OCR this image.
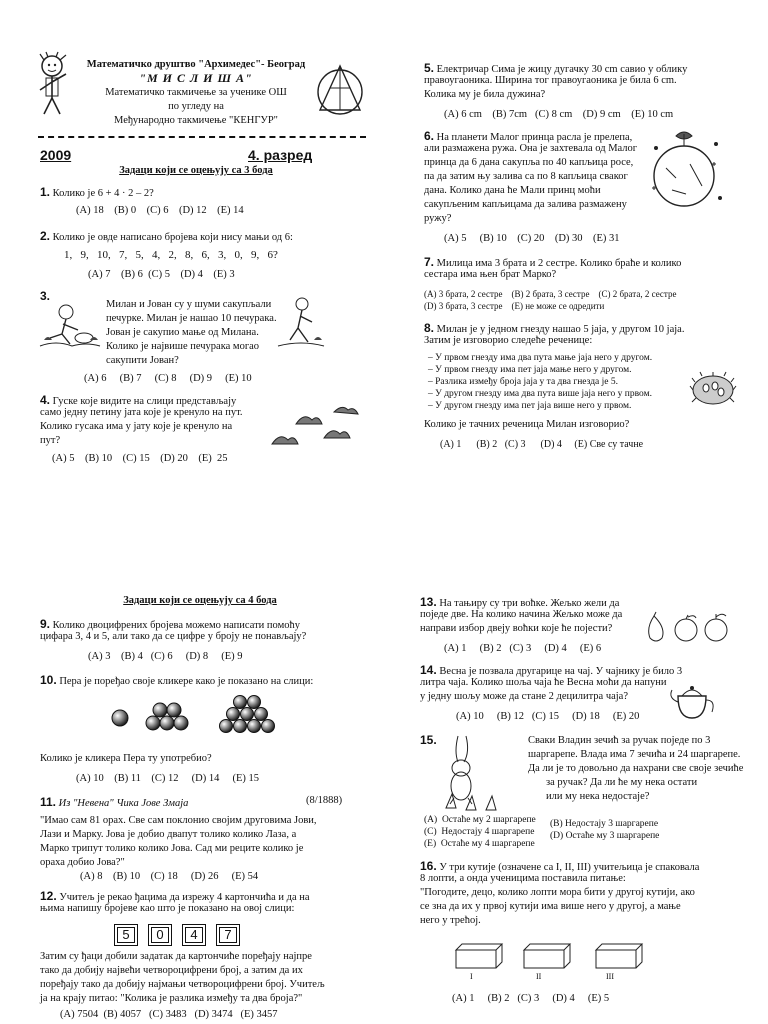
Математичко друштво "Архимедес"- Београд
"М И С Л И Ш А"
Математичко такмичење за ученике ОШ
по угледу на
Међународно такмичење "КЕНГУР"
2009	4. разред
Задаци који се оцењују са 3 бода
1. Колико је 6 + 4 · 2 – 2?
(A) 18    (B) 0    (C) 6    (D) 12    (E) 14
2. Колико је овде написано бројева који нису мањи од 6:
1,   9,   10,   7,   5,   4,   2,   8,   6,   3,   0,   9,   6?
(A) 7    (B) 6  (C) 5    (D) 4    (E) 3
3.
Милан и Јован су у шуми сакупљали
печурке. Милан је нашао 10 печурака.
Јован је сакупио мање од Милана.
Колико је највише печурака могао
сакупити Јован?
(A) 6     (B) 7     (C) 8     (D) 9     (E) 10
4. Гуске које видите на слици представљају
само једну петину јата које је кренуло на пут.
Колико гусака има у јату које је кренуло на
пут?
(A) 5    (B) 10    (C) 15    (D) 20    (E)  25
5. Електричар Сима је жицу дугачку 30 cm савио у облику
правоугаоника. Ширина тог правоугаоника је била 6 cm.
Колика му је била дужина?
(A) 6 cm    (B) 7cm   (C) 8 cm    (D) 9 cm    (E) 10 cm
6. На планети Малог принца расла је прелепа,
али размажена ружа. Она је захтевала од Малог
принца да 6 дана сакупља по 40 капљица росе,
па да затим њу залива са по 8 капљица сваког
дана. Колико дана ће Мали принц моћи
сакупљеним капљицама да залива размажену
ружу?
(A) 5     (B) 10    (C) 20    (D) 30    (E) 31
7. Милица има 3 брата и 2 сестре. Колико браће и колико
сестара има њен брат Марко?
(A) 3 брата, 2 сестре    (B) 2 брата, 3 сестре    (C) 2 брата, 2 сестре
(D) 3 брата, 3 сестре    (E) не може се одредити
8. Милан је у једном гнезду нашао 5 јаја, у другом 10 јаја.
Затим је изговорио следеће реченице:
– У првом гнезду има два пута мање јаја него у другом.
– У првом гнезду има пет јаја мање него у другом.
– Разлика између броја јаја у та два гнезда је 5.
– У другом гнезду има два пута више јаја него у првом.
– У другом гнезду има пет јаја више него у првом.
Колико је тачних реченица Милан изговорио?
(A) 1      (B) 2   (C) 3      (D) 4     (E) Све су тачне
Задаци који се оцењују са 4 бода
9. Колико двоцифрених бројева можемо написати помоћу
цифара 3, 4 и 5, али тако да се цифре у броју не понављају?
(A) 3    (B) 4   (C) 6     (D) 8     (E) 9
10. Пера је поређао своје кликере како је показано на слици:
Колико је кликера Пера ту употребио?
(A) 10    (B) 11    (C) 12     (D) 14     (E) 15
11. Из "Невена" Чика Јове Змаја	(8/1888)
"Имао сам 81 орах. Све сам поклонио својим друговима Јови,
Лази и Марку. Јова је добио двапут толико колико Лаза, а
Марко трипут толико колико Јова. Сад ми реците колико је
ораха добио Јова?"
(A) 8    (B) 10    (C) 18     (D) 26     (E) 54
12. Учитељ је рекао ђацима да изрежу 4 картончића и да на
њима напишу бројеве као што је показано на овој слици:
5 0 4 7
Затим су ђаци добили задатак да картончиће поређају најпре
тако да добију највећи четвороцифрени број, а затим да их
поређају тако да добију најмањи четвороцифрени број. Учитељ
ја на крају питао: "Колика је разлика између та два броја?"
(A) 7504  (B) 4057   (C) 3483   (D) 3474   (E) 3457
13. На тањиру су три воћке. Жељко жели да
поједе две. На колико начина Жељко може да
направи избор двеју воћки које ће појести?
(A) 1     (B) 2   (C) 3     (D) 4     (E) 6
14. Весна је позвала другарице на чај. У чајнику је било 3
литра чаја. Колико шоља чаја ће Весна моћи да напуни
у једну шољу може да стане 2 децилитра чаја?
(A) 10     (B) 12   (C) 15     (D) 18     (E) 20
15.	Сваки Владин зечић за ручак поједе по 3
шаргарепе. Влада има 7 зечића и 24 шаргарепе.
Да ли је то довољно да нахрани све своје зечиће
за ручак? Да ли ће му нека остати
или му нека недостаје?
(A)  Остаће му 2 шаргарепе (B) Недостају 3 шаргарепе
(C)  Недостају 4 шаргарепе (D) Остаће му 3 шаргарепе
(E)  Остаће му 4 шаргарепе
16. У три кутије (означене са I, II, III) учитељица је спаковала
8 лопти, а онда ученицима поставила питање:
"Погодите, децо, колико лопти мора бити у другој кутији, ако
се зна да их у првој кутији има више него у другој, а мање
него у трећој.
I	II	III
(A) 1     (B) 2   (C) 3     (D) 4     (E) 5
